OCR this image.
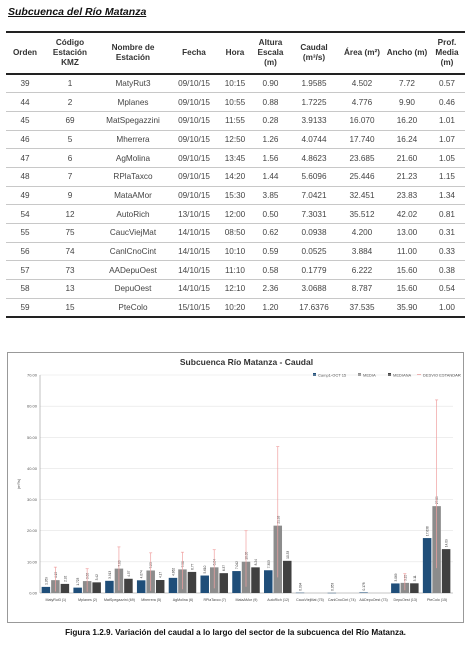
Subcuenca del Río Matanza
Orden	Código Estación KMZ	Nombre de Estación	Fecha	Hora	Altura Escala (m)	Caudal (m³/s)	Área (m²)	Ancho (m)	Prof. Media (m)
39	1	MatyRut3	09/10/15	10:15	0.90	1.9585	4.502	7.72	0.57
44	2	Mplanes	09/10/15	10:55	0.88	1.7225	4.776	9.90	0.46
45	69	MatSpegazzini	09/10/15	11:55	0.28	3.9133	16.070	16.20	1.01
46	5	Mherrera	09/10/15	12:50	1.26	4.0744	17.740	16.24	1.07
47	6	AgMolina	09/10/15	13:45	1.56	4.8623	23.685	21.60	1.05
48	7	RPlaTaxco	09/10/15	14:20	1.44	5.6096	25.446	21.23	1.15
49	9	MataAMor	09/10/15	15:30	3.85	7.0421	32.451	23.83	1.34
54	12	AutoRich	13/10/15	12:00	0.50	7.3031	35.512	42.02	0.81
55	75	CaucViejMat	14/10/15	08:50	0.62	0.0938	4.200	13.00	0.31
56	74	CanlCnoCint	14/10/15	10:10	0.59	0.0525	3.884	11.00	0.33
57	73	AADepuOest	14/10/15	11:10	0.58	0.1779	6.222	15.60	0.38
58	13	DepuOest	14/10/15	12:10	2.36	3.0688	8.787	15.60	0.54
59	15	PteColo	15/10/15	10:20	1.20	17.6376	37.535	35.90	1.00
Subcuenca Río Matanza - Caudal
Camp1-OCT 15	MEDIA	MEDIANA	DESVIO ESTANDAR
0.00
10.00
20.00
30.00
40.00
50.00
60.00
70.00
(m³/s)
1.959
4.13
2.92
MatyRut3 (1)
1.723
3.83 3.42
Mplanes (2)
3.913
7.83
4.57
MatSpegazzini (69)
4.074
7.23
4.17
Mherrera (5)
4.862
7.58 6.77
AgMolina (6)
5.610
8.24
6.37
RPlaTaxco (7)
7.042
10.05
8.24
MataAMor (9)
7.303
21.63
10.33
AutoRich (12)
0.094
CaucViejMat (75)
0.053
CanlCnoCint (74)
0.178
AADepuOest (73)
3.069 3.25 3.11
DepuOest (13)
17.638
27.89
14.09
PteColo (15)
Figura 1.2.9. Variación del caudal a lo largo del sector de la subcuenca del Río Matanza.
